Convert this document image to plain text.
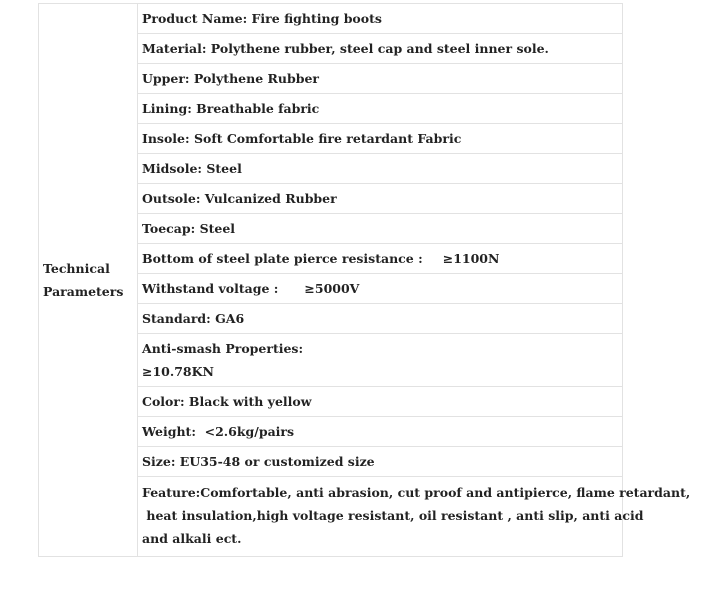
Technical
Parameters
	Product Name: Fire fighting boots
Material: Polythene rubber, steel cap and steel inner sole.
Upper: Polythene Rubber
Lining: Breathable fabric
Insole: Soft Comfortable fire retardant Fabric
Midsole: Steel
Outsole: Vulcanized Rubber
Toecap: Steel
Bottom of steel plate pierce resistance : ≥1100N
Withstand voltage : ≥5000V
Standard: GA6

Anti-smash Properties:
≥10.78KN

Color: Black with yellow
Weight:  <2.6kg/pairs
Size: EU35-48 or customized size

Feature:Comfortable, anti abrasion, cut proof and antipierce, flame retardant,
heat insulation,high voltage resistant, oil resistant , anti slip, anti acid
and alkali ect.
